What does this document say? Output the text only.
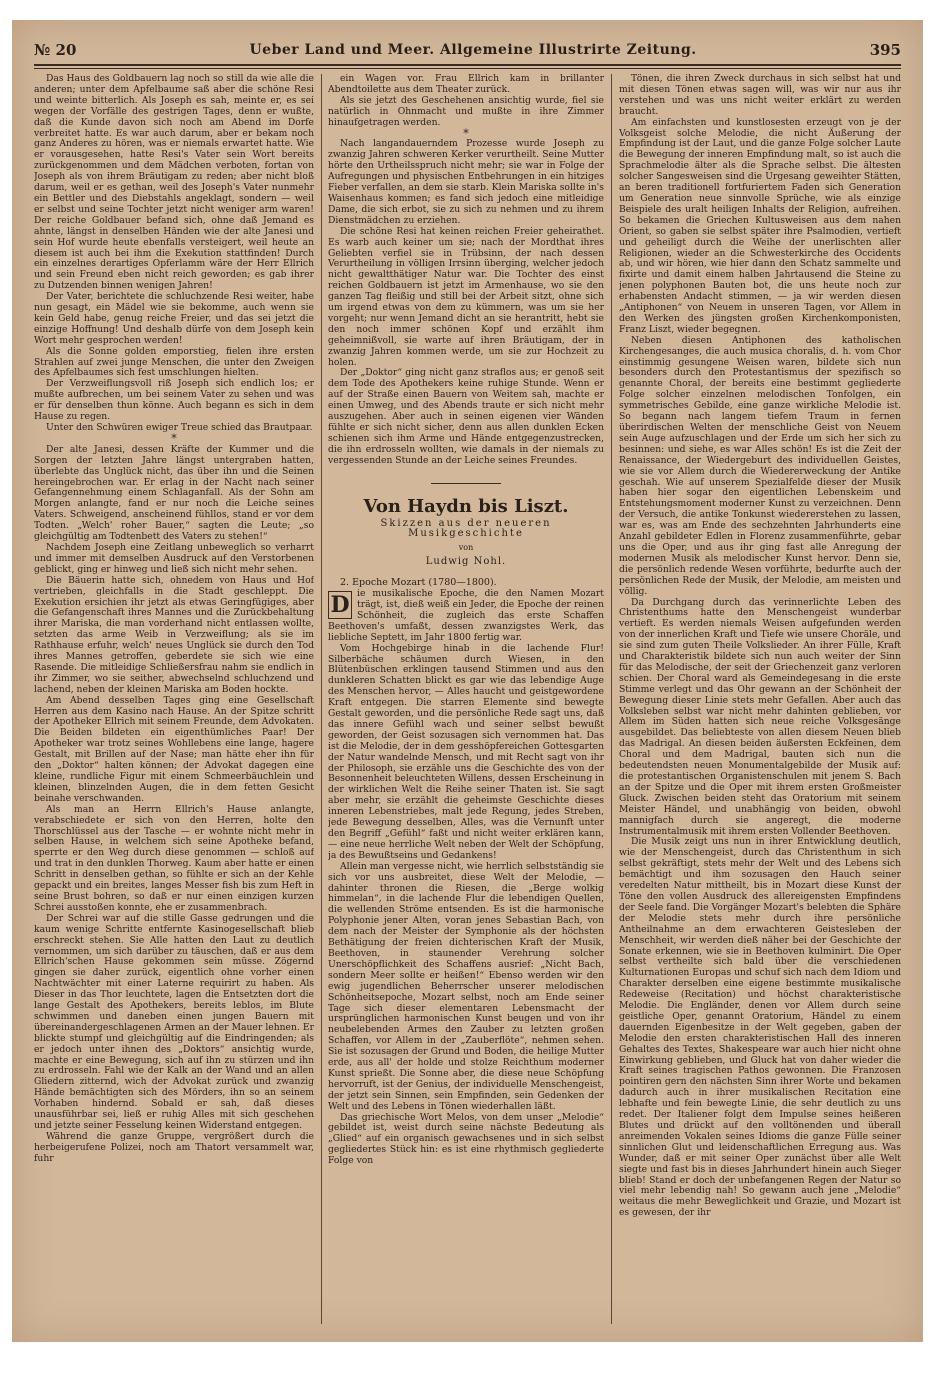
№ 20	Ueber Land und Meer. Allgemeine Illustrirte Zeitung.	395

Das Haus des Goldbauern lag noch so still da wie alle die anderen; unter dem Apfelbaume saß aber die schöne Resi und weinte bitterlich. Als Joseph es sah, meinte er, es sei wegen der Vorfälle des gestrigen Tages, denn er wußte, daß die Kunde davon sich noch am Abend im Dorfe verbreitet hatte. Es war auch darum, aber er bekam noch ganz Anderes zu hören, was er niemals erwartet hatte. Wie er vorausgesehen, hatte Resi's Vater sein Wort bereits zurückgenommen und dem Mädchen verboten, fortan von Joseph als von ihrem Bräutigam zu reden; aber nicht bloß darum, weil er es gethan, weil des Joseph's Vater nunmehr ein Bettler und des Diebstahls angeklagt, sondern — weil er selbst und seine Tochter jetzt nicht weniger arm waren! Der reiche Goldbauer befand sich, ohne daß Jemand es ahnte, längst in denselben Händen wie der alte Janesi und sein Hof wurde heute ebenfalls versteigert, weil heute an diesem ist auch bei ihm die Exekution stattfinden! Durch ein einzelnes derartiges Opferlamm wäre der Herr Ellrich und sein Freund eben nicht reich geworden; es gab ihrer zu Dutzenden binnen wenigen Jahren!

Der Vater, berichtete die schluchzende Resi weiter, habe nun gesagt, ein Mädel wie sie bekomme, auch wenn sie kein Geld habe, genug reiche Freier, und das sei jetzt die einzige Hoffnung! Und deshalb dürfe von dem Joseph kein Wort mehr gesprochen werden!

Als die Sonne golden emporstieg, fielen ihre ersten Strahlen auf zwei junge Menschen, die unter den Zweigen des Apfelbaumes sich fest umschlungen hielten.

Der Verzweiflungsvoll riß Joseph sich endlich los; er mußte aufbrechen, um bei seinem Vater zu sehen und was er für denselben thun könne. Auch begann es sich in dem Hause zu regen.

Unter den Schwüren ewiger Treue schied das Brautpaar.

*

Der alte Janesi, dessen Kräfte der Kummer und die Sorgen der letzten Jahre längst untergraben hatten, überlebte das Unglück nicht, das über ihn und die Seinen hereingebrochen war. Er erlag in der Nacht nach seiner Gefangennehmung einem Schlaganfall. Als der Sohn am Morgen anlangte, fand er nur noch die Leiche seines Vaters. Schweigend, anscheinend fühllos, stand er vor dem Todten. „Welch' roher Bauer,“ sagten die Leute; „so gleichgültig am Todtenbett des Vaters zu stehen!“

Nachdem Joseph eine Zeitlang unbeweglich so verharrt und immer mit demselben Ausdruck auf den Verstorbenen geblickt, ging er hinweg und ließ sich nicht mehr sehen.

Die Bäuerin hatte sich, ohnedem von Haus und Hof vertrieben, gleichfalls in die Stadt geschleppt. Die Exekution ersichien ihr jetzt als etwas Geringfügiges, aber die Gefangenschaft ihres Mannes und die Zurückbehaltung ihrer Mariska, die man vorderhand nicht entlassen wollte, setzten das arme Weib in Verzweiflung; als sie im Rathhause erfuhr, welch' neues Unglück sie durch den Tod ihres Mannes getroffen, geberdete sie sich wie eine Rasende. Die mitleidige Schließersfrau nahm sie endlich in ihr Zimmer, wo sie seither, abwechselnd schluchzend und lachend, neben der kleinen Mariska am Boden hockte.

Am Abend desselben Tages ging eine Gesellschaft Herren aus dem Kasino nach Hause. An der Spitze schritt der Apotheker Ellrich mit seinem Freunde, dem Advokaten. Die Beiden bildeten ein eigenthümliches Paar! Der Apotheker war trotz seines Wohllebens eine lange, hagere Gestalt, mit Brillen auf der Nase; man hätte eher ihn für den „Doktor“ halten können; der Advokat dagegen eine kleine, rundliche Figur mit einem Schmeerbäuchlein und kleinen, blinzelnden Augen, die in dem fetten Gesicht beinahe verschwanden.

Als man an Herrn Ellrich's Hause anlangte, verabschiedete er sich von den Herren, holte den Thorschlüssel aus der Tasche — er wohnte nicht mehr in selben Hause, in welchem sich seine Apotheke befand, sperrte er den Weg durch diese genommen — schloß auf und trat in den dunklen Thorweg. Kaum aber hatte er einen Schritt in denselben gethan, so fühlte er sich an der Kehle gepackt und ein breites, langes Messer fish bis zum Heft in seine Brust bohren, so daß er nur einen einzigen kurzen Schrei ausstoßen konnte, ehe er zusammenbrach.

Der Schrei war auf die stille Gasse gedrungen und die kaum wenige Schritte entfernte Kasinogesellschaft blieb erschreckt stehen. Sie Alle hatten den Laut zu deutlich vernommen, um sich darüber zu täuschen, daß er aus dem Ellrich'schen Hause gekommen sein müsse. Zögernd gingen sie daher zurück, eigentlich ohne vorher einen Nachtwächter mit einer Laterne requirirt zu haben. Als Dieser in das Thor leuchtete, lagen die Entsetzten dort die lange Gestalt des Apothekers, bereits leblos, im Blute schwimmen und daneben einen jungen Bauern mit übereinandergeschlagenen Armen an der Mauer lehnen. Er blickte stumpf und gleichgültig auf die Eindringenden; als er jedoch unter ihnen des „Doktors“ ansichtig wurde, machte er eine Bewegung, sich auf ihn zu stürzen und ihn zu erdrosseln. Fahl wie der Kalk an der Wand und an allen Gliedern zitternd, wich der Advokat zurück und zwanzig Hände bemächtigten sich des Mörders, ihn so an seinem Vorhaben hindernd. Sobald er sah, daß dieses unausführbar sei, ließ er ruhig Alles mit sich geschehen und jetzte seiner Fesselung keinen Widerstand entgegen.

Während die ganze Gruppe, vergrößert durch die herbeigerufene Polizei, noch am Thatort versammelt war, fuhr

ein Wagen vor. Frau Ellrich kam in brillanter Abendtoilette aus dem Theater zurück.

Als sie jetzt des Geschehenen ansichtig wurde, fiel sie natürlich in Ohnmacht und mußte in ihre Zimmer hinaufgetragen werden.

*

Nach langandauerndem Prozesse wurde Joseph zu zwanzig Jahren schweren Kerker verurtheilt. Seine Mutter hörte den Urtheilsspruch nicht mehr; sie war in Folge der Aufregungen und physischen Entbehrungen in ein hitziges Fieber verfallen, an dem sie starb. Klein Mariska sollte in's Waisenhaus kommen; es fand sich jedoch eine mitleidige Dame, die sich erbot, sie zu sich zu nehmen und zu ihrem Dienstmädchen zu erziehen.

Die schöne Resi hat keinen reichen Freier geheirathet. Es warb auch keiner um sie; nach der Mordthat ihres Geliebten verfiel sie in Trübsinn, der nach dessen Verurtheilung in völligen Irrsinn überging, welcher jedoch nicht gewaltthätiger Natur war. Die Tochter des einst reichen Goldbauern ist jetzt im Armenhause, wo sie den ganzen Tag fleißig und still bei der Arbeit sitzt, ohne sich um irgend etwas von dem zu kümmern, was um sie her vorgeht; nur wenn Jemand dicht an sie herantritt, hebt sie den noch immer schönen Kopf und erzählt ihm geheimnißvoll, sie warte auf ihren Bräutigam, der in zwanzig Jahren kommen werde, um sie zur Hochzeit zu holen.

Der „Doktor“ ging nicht ganz straflos aus; er genoß seit dem Tode des Apothekers keine ruhige Stunde. Wenn er auf der Straße einen Bauern von Weitem sah, machte er einen Umweg, und des Abends traute er sich nicht mehr auszugehen. Aber auch in seinen eigenen vier Wänden fühlte er sich nicht sicher, denn aus allen dunklen Ecken schienen sich ihm Arme und Hände entgegenzustrecken, die ihn erdrosseln wollten, wie damals in der niemals zu vergessenden Stunde an der Leiche seines Freundes.

Von Haydn bis Liszt.
Skizzen aus der neueren Musikgeschichte
von
Ludwig Nohl.

2. Epoche Mozart (1780—1800).

D ie musikalische Epoche, die den Namen Mozart trägt, ist, dieß weiß ein Jeder, die Epoche der reinen Schönheit, die zugleich das erste Schaffen Beethoven's umfaßt, dessen zwanzigstes Werk, das liebliche Septett, im Jahr 1800 fertig war.

Vom Hochgebirge hinab in die lachende Flur! Silberbäche schäumen durch Wiesen, in den Blütenbüschen erklingen tausend Stimmen und aus den dunkleren Schatten blickt es gar wie das lebendige Auge des Menschen hervor, — Alles haucht und geistgewordene Kraft entgegen. Die starren Elemente sind bewegte Gestalt geworden, und die persönliche Rede sagt uns, daß das innere Gefühl wach und seiner selbst bewußt geworden, der Geist sozusagen sich vernommen hat. Das ist die Melodie, der in dem gesshöpfereichen Gottesgarten der Natur wandelnde Mensch, und mit Recht sagt von ihr der Philosoph, sie erzähle uns die Geschichte des von der Besonnenheit beleuchteten Willens, dessen Erscheinung in der wirklichen Welt die Reihe seiner Thaten ist. Sie sagt aber mehr, sie erzählt die geheimste Geschichte dieses inneren Lebenstriebes, malt jede Regung, jedes Streben, jede Bewegung desselben, Alles, was die Vernunft unter den Begriff „Gefühl“ faßt und nicht weiter erklären kann, — eine neue herrliche Welt neben der Welt der Schöpfung, ja des Bewußtseins und Gedankens!

Allein man vergesse nicht, wie herrlich selbstständig sie sich vor uns ausbreitet, diese Welt der Melodie, — dahinter thronen die Riesen, die „Berge wolkig himmelan“, in die lachende Flur die lebendigen Quellen, die wellenden Ströme entsenden. Es ist die harmonische Polyphonie jener Alten, voran jenes Sebastian Bach, von dem nach der Meister der Symphonie als der höchsten Bethätigung der freien dichterischen Kraft der Musik, Beethoven, in staunender Verehrung solcher Unerschöpflichkeit des Schaffens ausrief: „Nicht Bach, sondern Meer sollte er heißen!“ Ebenso werden wir den ewig jugendlichen Beherrscher unserer melodischen Schönheitsepoche, Mozart selbst, noch am Ende seiner Tage sich dieser elementaren Lebensmacht der ursprünglichen harmonischen Kunst beugen und von ihr neubelebenden Armes den Zauber zu letzten großen Schaffen, vor Allem in der „Zauberflöte“, nehmen sehen. Sie ist sozusagen der Grund und Boden, die heilige Mutter erde, aus all' der holde und stolze Reichthum moderner Kunst sprießt. Die Sonne aber, die diese neue Schöpfung hervorruft, ist der Genius, der individuelle Menschengeist, der jetzt sein Sinnen, sein Empfinden, sein Gedenken der Welt und des Lebens in Tönen wiederhallen läßt.

Das griechische Wort Melos, von dem unser „Melodie“ gebildet ist, weist durch seine nächste Bedeutung als „Glied“ auf ein organisch gewachsenes und in sich selbst gegliedertes Stück hin: es ist eine rhythmisch gegliederte Folge von

Tönen, die ihren Zweck durchaus in sich selbst hat und mit diesen Tönen etwas sagen will, was wir nur aus ihr verstehen und was uns nicht weiter erklärt zu werden braucht.

Am einfachsten und kunstlosesten erzeugt von je der Volksgeist solche Melodie, die nicht Äußerung der Empfindung ist der Laut, und die ganze Folge solcher Laute die Bewegung der inneren Empfindung malt, so ist auch die Sprachmelodie älter als die Sprache selbst. Die ältesten solcher Sangesweisen sind die Urgesang geweihter Stätten, an beren traditionell fortfuriertem Faden sich Generation um Generation neue sinnvolle Sprüche, wie als einzige Beispiele des uralt heiligen Inhalts der Religion, aufreihen. So bekamen die Griechen Kultusweisen aus dem nahen Orient, so gaben sie selbst später ihre Psalmodien, vertieft und geheiligt durch die Weihe der unerlischten aller Religionen, wieder an die Schwesterkirche des Occidents ab, und wir hören, wie hier dann den Schatz sammelte und fixirte und damit einem halben Jahrtausend die Steine zu jenen polyphonen Bauten bot, die uns heute noch zur erhabensten Andacht stimmen, — ja wir werden diesen „Antiphonen“ von Neuem in unseren Tagen, vor Allem in den Werken des jüngsten großen Kirchenkomponisten, Franz Liszt, wieder begegnen.

Neben diesen Antiphonen des katholischen Kirchengesanges, die auch musica choralis, d. h. vom Chor einstimmig gesungene Weisen waren, bildete sich nun besonders durch den Protestantismus der spezifisch so genannte Choral, der bereits eine bestimmt gegliederte Folge solcher einzelnen melodischen Tonfolgen, ein symmetrisches Gebilde, eine ganze wirkliche Melodie ist. So begann nach langem tiefem Traum in fernen überirdischen Welten der menschliche Geist von Neuem sein Auge aufzuschlagen und der Erde um sich her sich zu besinnen: und siehe, es war Alles schön! Es ist die Zeit der Renaissance, der Wiedergeburt des individuellen Geistes, wie sie vor Allem durch die Wiedererweckung der Antike geschah. Wie auf unserem Spezialfelde dieser der Musik haben hier sogar den eigentlichen Lebenskeim und Entstehungsmoment moderner Kunst zu verzeichnen. Denn der Versuch, die antike Tonkunst wiedererstehen zu lassen, war es, was am Ende des sechzehnten Jahrhunderts eine Anzahl gebildeter Edlen in Florenz zusammenführte, gebar uns die Oper, und aus ihr ging fast alle Anregung der modernen Musik als melodischer Kunst hervor. Denn sie, die persönlich redende Wesen vorführte, bedurfte auch der persönlichen Rede der Musik, der Melodie, am meisten und völlig.

Da Durchgang durch das verinnerlichte Leben des Christenthums hatte den Menschengeist wunderbar vertieft. Es werden niemals Weisen aufgefunden werden von der innerlichen Kraft und Tiefe wie unsere Choräle, und sie sind zum guten Theile Volkslieder. An ihrer Fülle, Kraft und Charakteristik bildete sich nun auch weiter der Sinn für das Melodische, der seit der Griechenzeit ganz verloren schien. Der Choral ward als Gemeindegesang in die erste Stimme verlegt und das Ohr gewann an der Schönheit der Bewegung dieser Linie stets mehr Gefallen. Aber auch das Volksleben selbst war nicht mehr dahinten geblieben, vor Allem im Süden hatten sich neue reiche Volksgesänge ausgebildet. Das beliebteste von allen diesem Neuen blieb das Madrigal. An diesen beiden äußersten Eckfeinen, dem Choral und dem Madrigal, bauten sich nun die bedeutendsten neuen Monumentalgebilde der Musik auf: die protestantischen Organistenschulen mit jenem S. Bach an der Spitze und die Oper mit ihrem ersten Großmeister Gluck. Zwischen beiden steht das Oratorium mit seinem Meister Händel, und unabhängig von beiden, obwohl mannigfach durch sie angeregt, die moderne Instrumentalmusik mit ihrem ersten Vollender Beethoven.

Die Musik zeigt uns nun in ihrer Entwicklung deutlich, wie der Menschengeist, durch das Christenthum in sich selbst gekräftigt, stets mehr der Welt und des Lebens sich bemächtigt und ihm sozusagen den Hauch seiner veredelten Natur mittheilt, bis in Mozart diese Kunst der Töne den vollen Ausdruck des allereigensten Empfindens der Seele fand. Die Vorgänger Mozart's belebten die Sphäre der Melodie stets mehr durch ihre persönliche Antheilnahme an dem erwachteren Geistesleben der Menschheit, wir werden dieß näher bei der Geschichte der Sonate erkennen, wie sie in Beethoven kulminirt. Die Oper selbst vertheilte sich bald über die verschiedenen Kulturnationen Europas und schuf sich nach dem Idiom und Charakter derselben eine eigene bestimmte musikalische Redeweise (Recitation) und höchst charakteristische Melodie. Die Engländer, denen vor Allem durch seine geistliche Oper, genannt Oratorium, Händel zu einem dauernden Eigenbesitze in der Welt gegeben, gaben der Melodie den ersten charakteristischen Hall des inneren Gehaltes des Textes, Shakespeare war auch hier nicht ohne Einwirkung geblieben, und Gluck hat von daher wieder die Kraft seines tragischen Pathos gewonnen. Die Franzosen pointiren gern den nächsten Sinn ihrer Worte und bekamen dadurch auch in ihrer musikalischen Recitation eine lebhafte und fein bewegte Linie, die sehr deutlich zu uns redet. Der Italiener folgt dem Impulse seines heißeren Blutes und drückt auf den volltönenden und überall anreimenden Vokalen seines Idioms die ganze Fülle seiner sinnlichen Glut und leidenschaftlichen Erregung aus. Was Wunder, daß er mit seiner Oper zunächst über alle Welt siegte und fast bis in dieses Jahrhundert hinein auch Sieger blieb! Stand er doch der unbefangenen Regen der Natur so viel mehr lebendig nah! So gewann auch jene „Melodie“ weitaus die mehr Beweglichkeit und Grazie, und Mozart ist es gewesen, der ihr
